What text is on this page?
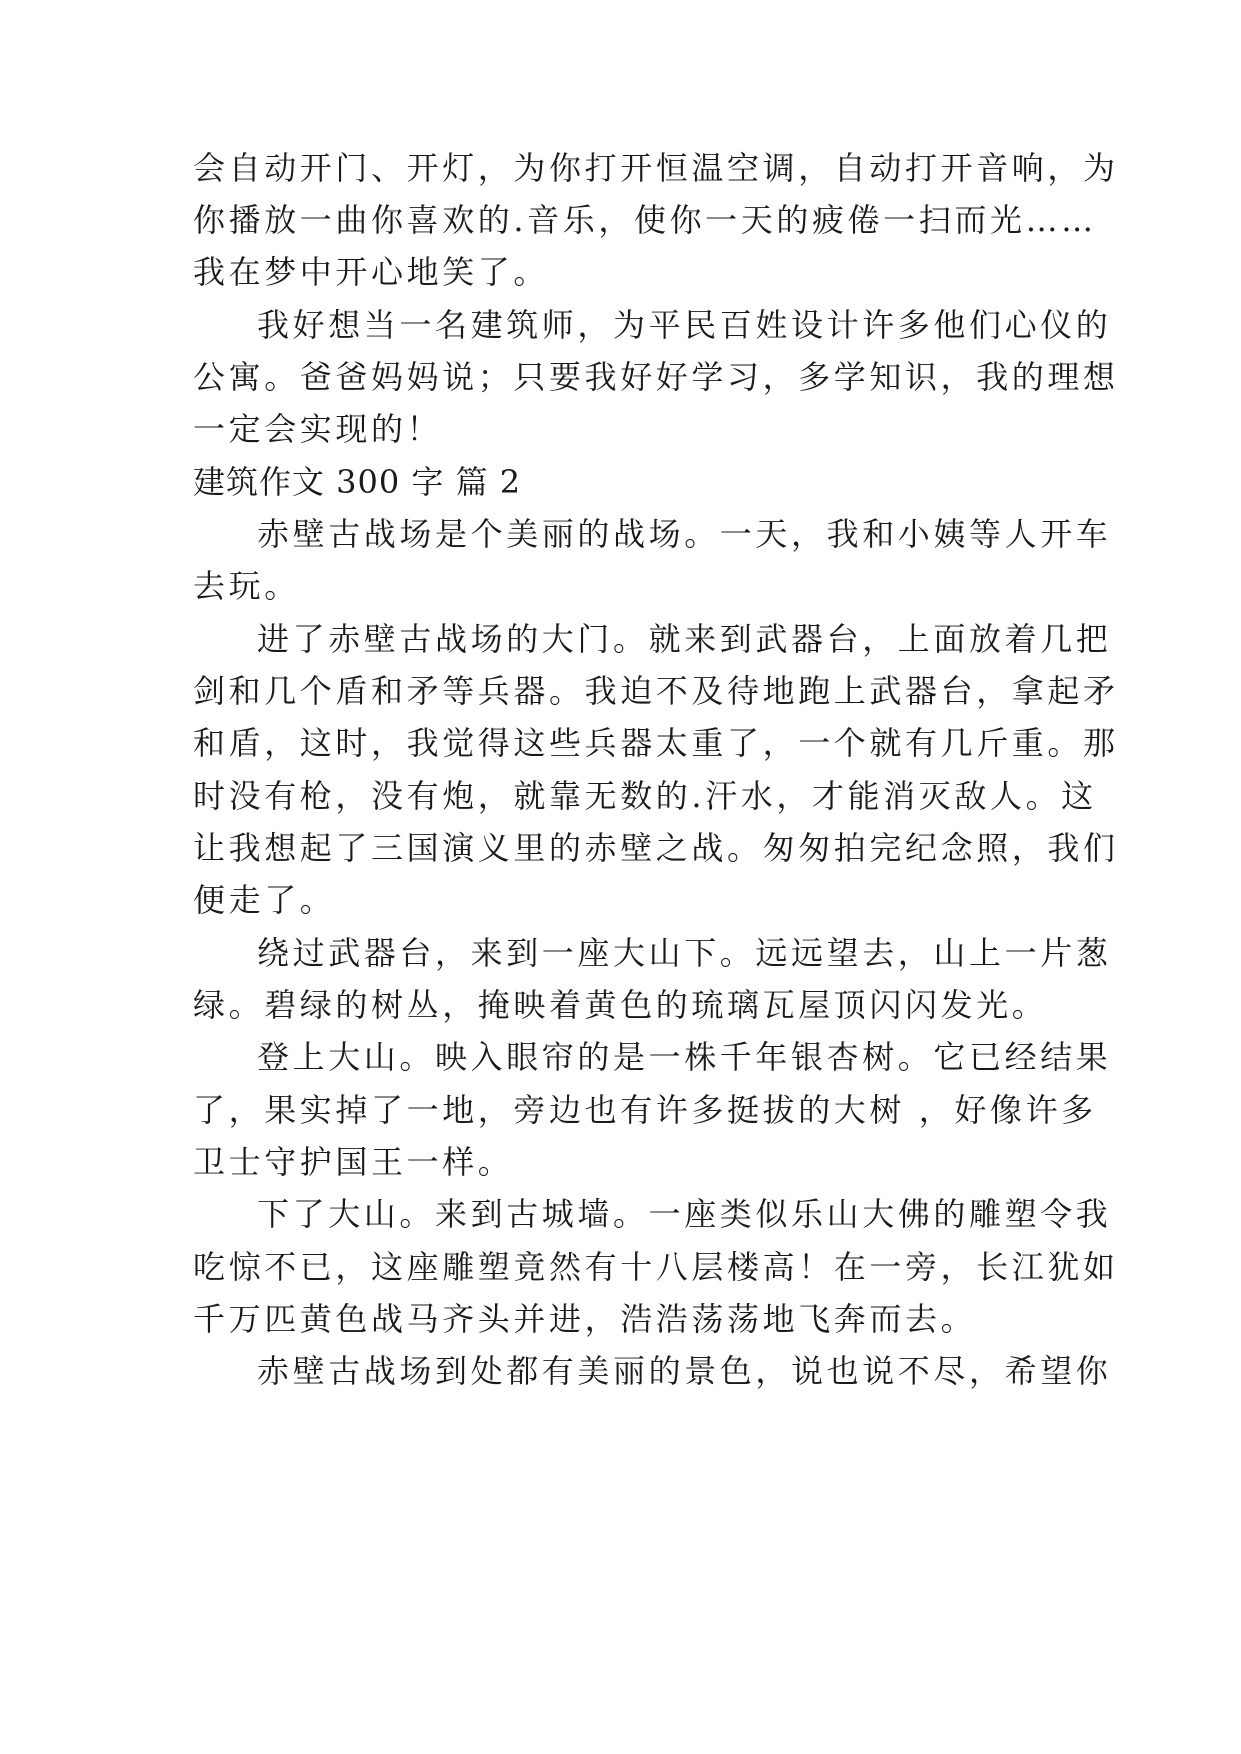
会自动开门、开灯，为你打开恒温空调，自动打开音响，为
你播放一曲你喜欢的.音乐，使你一天的疲倦一扫而光……
我在梦中开心地笑了。
我好想当一名建筑师，为平民百姓设计许多他们心仪的
公寓。爸爸妈妈说；只要我好好学习，多学知识，我的理想
一定会实现的！
建筑作文 300 字 篇 2
赤壁古战场是个美丽的战场。一天，我和小姨等人开车
去玩。
进了赤壁古战场的大门。就来到武器台，上面放着几把
剑和几个盾和矛等兵器。我迫不及待地跑上武器台，拿起矛
和盾，这时，我觉得这些兵器太重了，一个就有几斤重。那
时没有枪，没有炮，就靠无数的.汗水，才能消灭敌人。这
让我想起了三国演义里的赤壁之战。匆匆拍完纪念照，我们
便走了。
绕过武器台，来到一座大山下。远远望去，山上一片葱
绿。碧绿的树丛，掩映着黄色的琉璃瓦屋顶闪闪发光。
登上大山。映入眼帘的是一株千年银杏树。它已经结果
了，果实掉了一地，旁边也有许多挺拔的大树 ，好像许多
卫士守护国王一样。
下了大山。来到古城墙。一座类似乐山大佛的雕塑令我
吃惊不已，这座雕塑竟然有十八层楼高！在一旁，长江犹如
千万匹黄色战马齐头并进，浩浩荡荡地飞奔而去。
赤壁古战场到处都有美丽的景色，说也说不尽，希望你
